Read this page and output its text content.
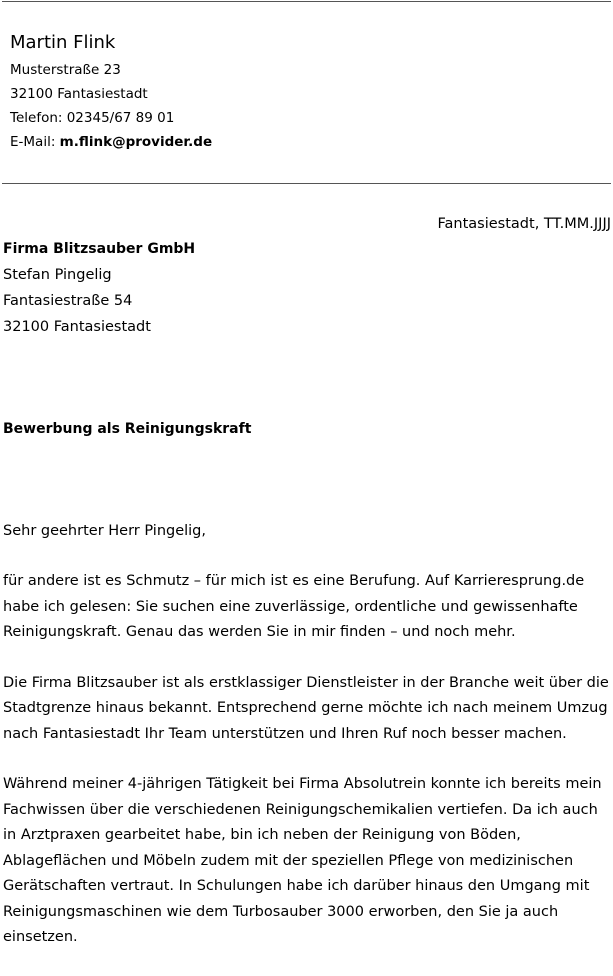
Martin Flink
Musterstraße 23
32100 Fantasiestadt
Telefon: 02345/67 89 01
E-Mail: m.flink@provider.de
Fantasiestadt, TT.MM.JJJJ
Firma Blitzsauber GmbH
Stefan Pingelig
Fantasiestraße 54
32100 Fantasiestadt
Bewerbung als Reinigungskraft
Sehr geehrter Herr Pingelig,
für andere ist es Schmutz – für mich ist es eine Berufung. Auf Karrieresprung.de
habe ich gelesen: Sie suchen eine zuverlässige, ordentliche und gewissenhafte
Reinigungskraft. Genau das werden Sie in mir finden – und noch mehr.
Die Firma Blitzsauber ist als erstklassiger Dienstleister in der Branche weit über die
Stadtgrenze hinaus bekannt. Entsprechend gerne möchte ich nach meinem Umzug
nach Fantasiestadt Ihr Team unterstützen und Ihren Ruf noch besser machen.
Während meiner 4-jährigen Tätigkeit bei Firma Absolutrein konnte ich bereits mein
Fachwissen über die verschiedenen Reinigungschemikalien vertiefen. Da ich auch
in Arztpraxen gearbeitet habe, bin ich neben der Reinigung von Böden,
Ablageflächen und Möbeln zudem mit der speziellen Pflege von medizinischen
Gerätschaften vertraut. In Schulungen habe ich darüber hinaus den Umgang mit
Reinigungsmaschinen wie dem Turbosauber 3000 erworben, den Sie ja auch
einsetzen.
